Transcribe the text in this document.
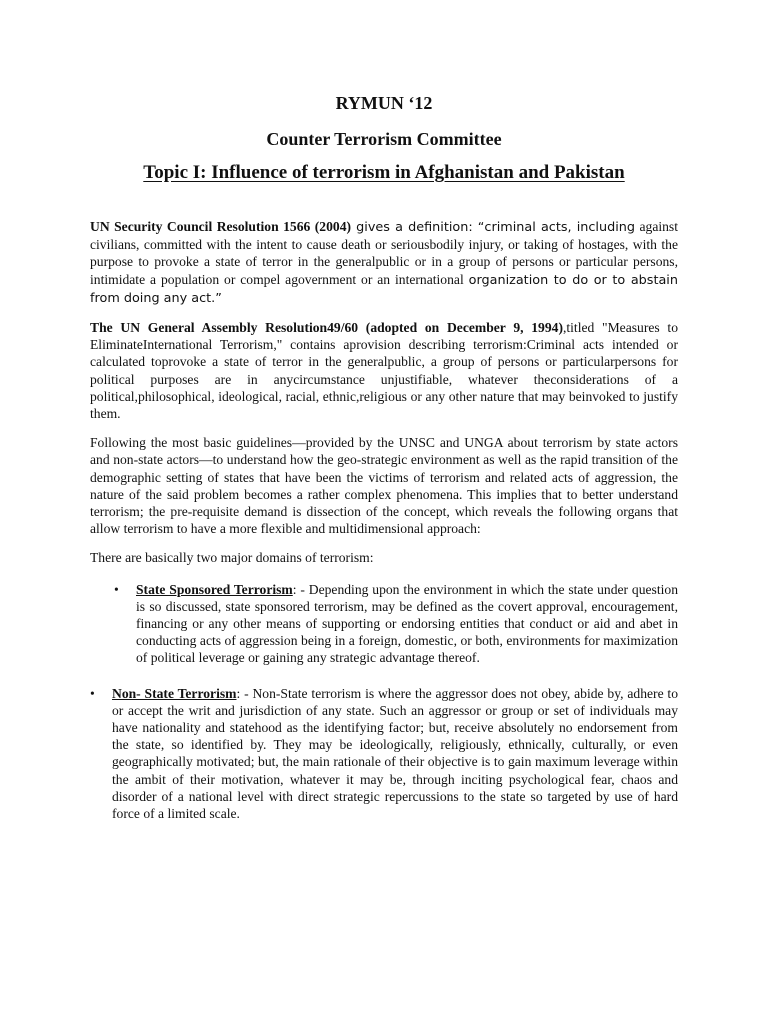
RYMUN ‘12

Counter Terrorism Committee

Topic I: Influence of terrorism in Afghanistan and Pakistan

UN Security Council Resolution 1566 (2004) gives a definition: “criminal acts, including against civilians, committed with the intent to cause death or seriousbodily injury, or taking of hostages, with the purpose to provoke a state of terror in the generalpublic or in a group of persons or particular persons, intimidate a population or compel agovernment or an international organization to do or to abstain from doing any act.”

The UN General Assembly Resolution49/60 (adopted on December 9, 1994),titled "Measures to EliminateInternational Terrorism," contains aprovision describing terrorism:Criminal acts intended or calculated toprovoke a state of terror in the generalpublic, a group of persons or particularpersons for political purposes are in anycircumstance unjustifiable, whatever theconsiderations of a political,philosophical, ideological, racial, ethnic,religious or any other nature that may beinvoked to justify them.

Following the most basic guidelines—provided by the UNSC and UNGA about terrorism by state actors and non-state actors—to understand how the geo-strategic environment as well as the rapid transition of the demographic setting of states that have been the victims of terrorism and related acts of aggression, the nature of the said problem becomes a rather complex phenomena. This implies that to better understand terrorism; the pre-requisite demand is dissection of the concept, which reveals the following organs that allow terrorism to have a more flexible and multidimensional approach:

There are basically two major domains of terrorism:

• State Sponsored Terrorism: - Depending upon the environment in which the state under question is so discussed, state sponsored terrorism, may be defined as the covert approval, encouragement, financing or any other means of supporting or endorsing entities that conduct or aid and abet in conducting acts of aggression being in a foreign, domestic, or both, environments for maximization of political leverage or gaining any strategic advantage thereof.
• Non- State Terrorism: - Non-State terrorism is where the aggressor does not obey, abide by, adhere to or accept the writ and jurisdiction of any state. Such an aggressor or group or set of individuals may have nationality and statehood as the identifying factor; but, receive absolutely no endorsement from the state, so identified by. They may be ideologically, religiously, ethnically, culturally, or even geographically motivated; but, the main rationale of their objective is to gain maximum leverage within the ambit of their motivation, whatever it may be, through inciting psychological fear, chaos and disorder of a national level with direct strategic repercussions to the state so targeted by use of hard force of a limited scale.
